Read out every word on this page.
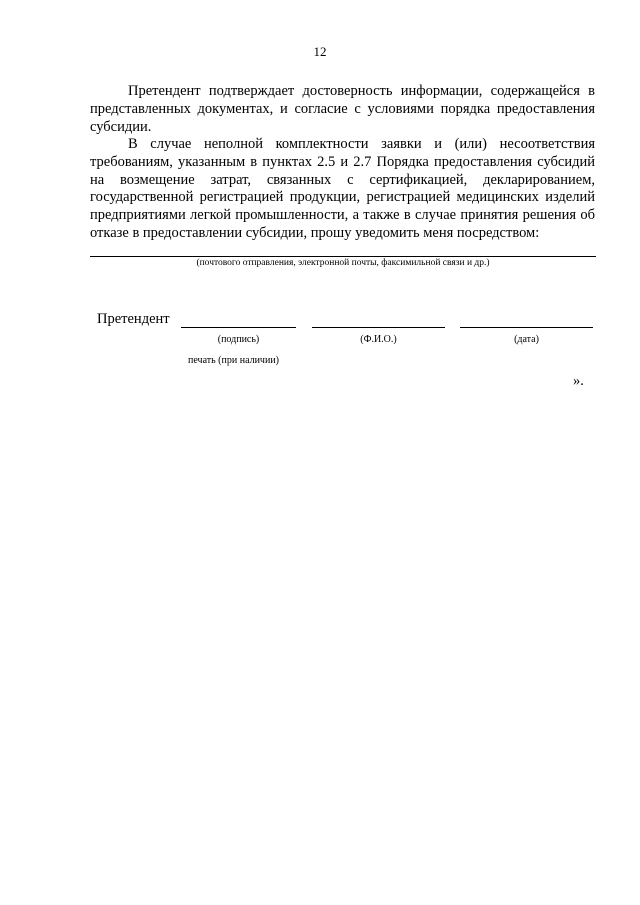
12
Претендент подтверждает достоверность информации, содержащейся в представленных документах, и согласие с условиями порядка предоставления субсидии.
В случае неполной комплектности заявки и (или) несоответствия требованиям, указанным в пунктах 2.5 и 2.7 Порядка предоставления субсидий на возмещение затрат, связанных с сертификацией, декларированием, государственной регистрацией продукции, регистрацией медицинских изделий предприятиями легкой промышленности, а также в случае принятия решения об отказе в предоставлении субсидии, прошу уведомить меня посредством:
(почтового отправления, электронной почты, факсимильной связи и др.)
Претендент
(подпись)	(Ф.И.О.)	(дата)
печать (при наличии)
».
